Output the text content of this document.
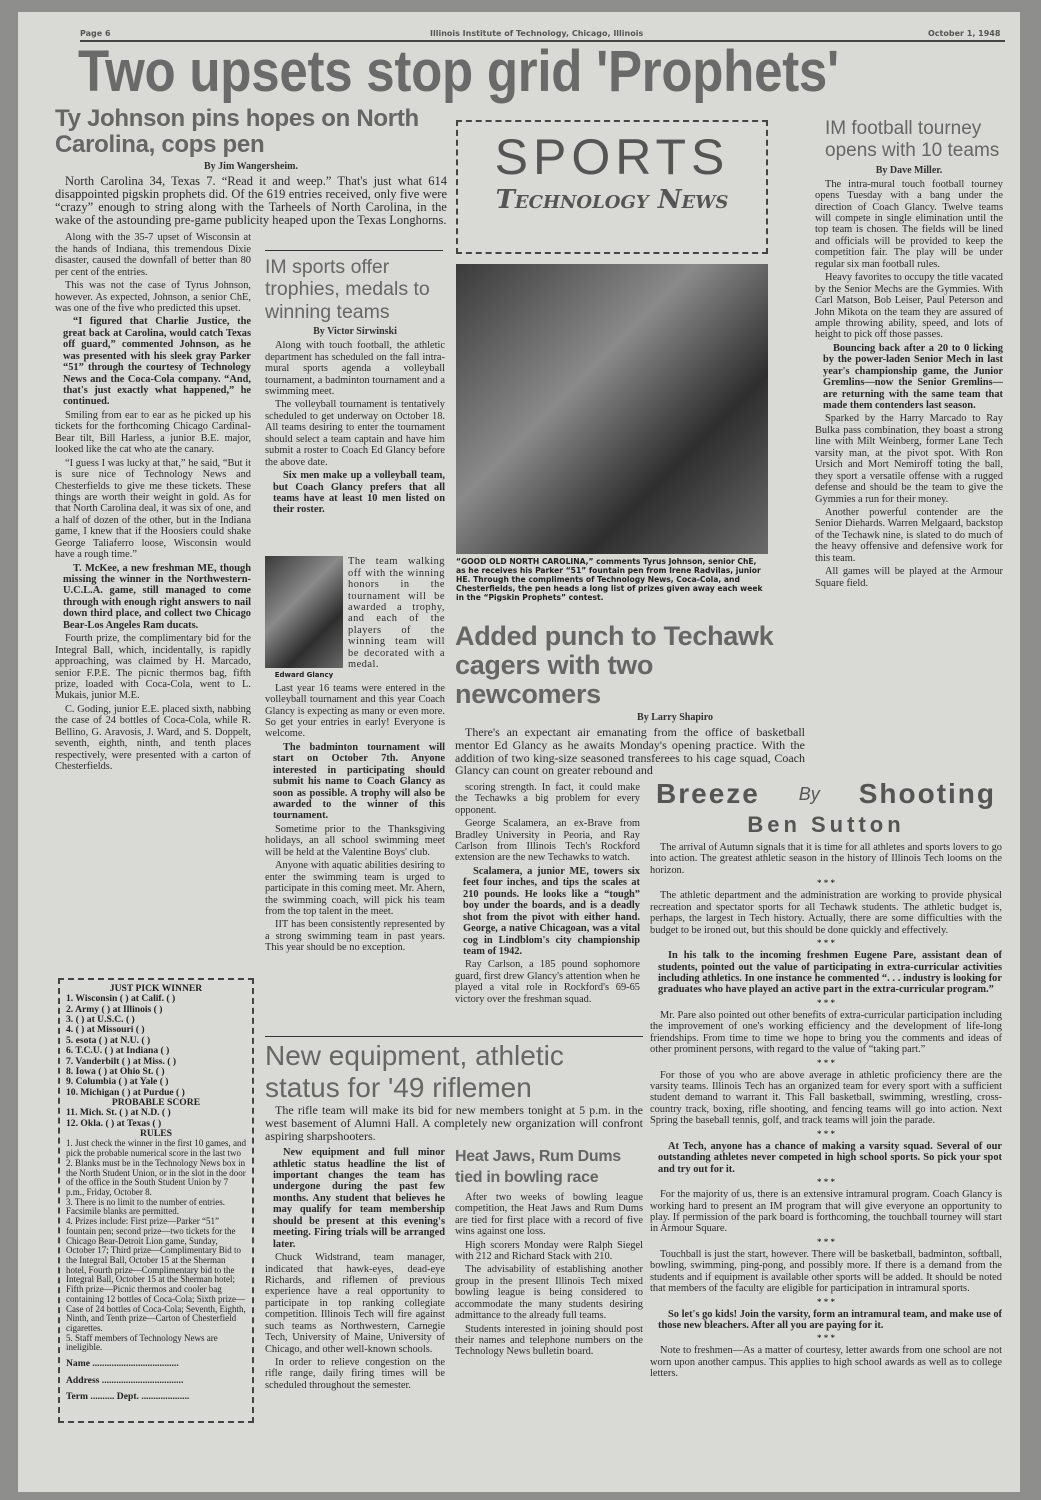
Page 6	Illinois Institute of Technology, Chicago, Illinois	October 1, 1948
Two upsets stop grid 'Prophets'
Ty Johnson pins hopes on North Carolina, cops pen
By Jim Wangersheim.

North Carolina 34, Texas 7. “Read it and weep.” That's just what 614 disappointed pigskin prophets did. Of the 619 entries received, only five were “crazy” enough to string along with the Tarheels of North Carolina, in the wake of the astounding pre-game publicity heaped upon the Texas Longhorns.

Along with the 35-7 upset of Wisconsin at the hands of Indiana, this tremendous Dixie disaster, caused the downfall of better than 80 per cent of the entries.

This was not the case of Tyrus Johnson, however. As expected, Johnson, a senior ChE, was one of the five who predicted this upset.

“I figured that Charlie Justice, the great back at Carolina, would catch Texas off guard,” commented Johnson, as he was presented with his sleek gray Parker “51” through the courtesy of Technology News and the Coca-Cola company. “And, that's just exactly what happened,” he continued.

Smiling from ear to ear as he picked up his tickets for the forthcoming Chicago Cardinal-Bear tilt, Bill Harless, a junior B.E. major, looked like the cat who ate the canary.

“I guess I was lucky at that,” he said, “But it is sure nice of Technology News and Chesterfields to give me these tickets. These things are worth their weight in gold. As for that North Carolina deal, it was six of one, and a half of dozen of the other, but in the Indiana game, I knew that if the Hoosiers could shake George Taliaferro loose, Wisconsin would have a rough time.”

T. McKee, a new freshman ME, though missing the winner in the Northwestern-U.C.L.A. game, still managed to come through with enough right answers to nail down third place, and collect two Chicago Bear-Los Angeles Ram ducats.

Fourth prize, the complimentary bid for the Integral Ball, which, incidentally, is rapidly approaching, was claimed by H. Marcado, senior F.P.E. The picnic thermos bag, fifth prize, loaded with Coca-Cola, went to L. Mukais, junior M.E.

C. Goding, junior E.E. placed sixth, nabbing the case of 24 bottles of Coca-Cola, while R. Bellino, G. Aravosis, J. Ward, and S. Doppelt, seventh, eighth, ninth, and tenth places respectively, were presented with a carton of Chesterfields.

JUST PICK WINNER
1. Wisconsin ( ) at Calif. ( )
2. Army ( ) at Illinois ( )
3. ( ) at U.S.C. ( )
4. ( ) at Missouri ( )
5. esota ( ) at N.U. ( )
6. T.C.U. ( ) at Indiana ( )
7. Vanderbilt ( ) at Miss. ( )
8. Iowa ( ) at Ohio St. ( )
9. Columbia ( ) at Yale ( )
10. Michigan ( ) at Purdue ( )
PROBABLE SCORE
11. Mich. St. ( ) at N.D. ( )
12. Okla. ( ) at Texas ( )
RULES
1. Just check the winner in the first 10 games, and pick the probable numerical score in the last two
2. Blanks must be in the Technology News box in the North Student Union, or in the slot in the door of the office in the South Student Union by 7 p.m., Friday, October 8.
3. There is no limit to the number of entries. Facsimile blanks are permitted.
4. Prizes include: First prize—Parker “51” fountain pen; second prize—two tickets for the Chicago Bear-Detroit Lion game, Sunday, October 17; Third prize—Complimentary Bid to the Integral Ball, October 15 at the Sherman hotel, Fourth prize—Complimentary bid to the Integral Ball, October 15 at the Sherman hotel; Fifth prize—Picnic thermos and cooler bag containing 12 bottles of Coca-Cola; Sixth prize—Case of 24 bottles of Coca-Cola; Seventh, Eighth, Ninth, and Tenth prize—Carton of Chesterfield cigarettes.
5. Staff members of Technology News are ineligible.
Name ....................................
Address ..................................
Term .......... Dept. ....................
IM sports offer trophies, medals to winning teams
By Victor Sirwinski

Along with touch football, the athletic department has scheduled on the fall intra-mural sports agenda a volleyball tournament, a badminton tournament and a swimming meet.

The volleyball tournament is tentatively scheduled to get underway on October 18. All teams desiring to enter the tournament should select a team captain and have him submit a roster to Coach Ed Glancy before the above date.

Six men make up a volleyball team, but Coach Glancy prefers that all teams have at least 10 men listed on their roster.

Edward Glancy

The team walking off with the winning honors in the tournament will be awarded a trophy, and each of the players of the winning team will be decorated with a medal.

Last year 16 teams were entered in the volleyball tournament and this year Coach Glancy is expecting as many or even more. So get your entries in early! Everyone is welcome.

The badminton tournament will start on October 7th. Anyone interested in participating should submit his name to Coach Glancy as soon as possible. A trophy will also be awarded to the winner of this tournament.

Sometime prior to the Thanksgiving holidays, an all school swimming meet will be held at the Valentine Boys' club.

Anyone with aquatic abilities desiring to enter the swimming team is urged to participate in this coming meet. Mr. Ahern, the swimming coach, will pick his team from the top talent in the meet.

IIT has been consistently represented by a strong swimming team in past years. This year should be no exception.

SPORTS
Technology News
“GOOD OLD NORTH CAROLINA,” comments Tyrus Johnson, senior ChE, as he receives his Parker “51” fountain pen from Irene Radvilas, junior HE. Through the compliments of Technology News, Coca-Cola, and Chesterfields, the pen heads a long list of prizes given away each week in the “Pigskin Prophets” contest.
Added punch to Techawk cagers with two newcomers
By Larry Shapiro

There's an expectant air emanating from the office of basketball mentor Ed Glancy as he awaits Monday's opening practice. With the addition of two king-size seasoned transferees to his cage squad, Coach Glancy can count on greater rebound and

scoring strength. In fact, it could make the Techawks a big problem for every opponent.

George Scalamera, an ex-Brave from Bradley University in Peoria, and Ray Carlson from Illinois Tech's Rockford extension are the new Techawks to watch.

Scalamera, a junior ME, towers six feet four inches, and tips the scales at 210 pounds. He looks like a “tough” boy under the boards, and is a deadly shot from the pivot with either hand. George, a native Chicagoan, was a vital cog in Lindblom's city championship team of 1942.

Ray Carlson, a 185 pound sophomore guard, first drew Glancy's attention when he played a vital role in Rockford's 69-65 victory over the freshman squad.

IM football tourney opens with 10 teams
By Dave Miller.

The intra-mural touch football tourney opens Tuesday with a bang under the direction of Coach Glancy. Twelve teams will compete in single elimination until the top team is chosen. The fields will be lined and officials will be provided to keep the competition fair. The play will be under regular six man football rules.

Heavy favorites to occupy the title vacated by the Senior Mechs are the Gymmies. With Carl Matson, Bob Leiser, Paul Peterson and John Mikota on the team they are assured of ample throwing ability, speed, and lots of height to pick off those passes.

Bouncing back after a 20 to 0 licking by the power-laden Senior Mech in last year's championship game, the Junior Gremlins—now the Senior Gremlins—are returning with the same team that made them contenders last season.

Sparked by the Harry Marcado to Ray Bulka pass combination, they boast a strong line with Milt Weinberg, former Lane Tech varsity man, at the pivot spot. With Ron Ursich and Mort Nemiroff toting the ball, they sport a versatile offense with a rugged defense and should be the team to give the Gymmies a run for their money.

Another powerful contender are the Senior Diehards. Warren Melgaard, backstop of the Techawk nine, is slated to do much of the heavy offensive and defensive work for this team.

All games will be played at the Armour Square field.

Breeze By Shooting
Ben Sutton

The arrival of Autumn signals that it is time for all athletes and sports lovers to go into action. The greatest athletic season in the history of Illinois Tech looms on the horizon.

* * *

The athletic department and the administration are working to provide physical recreation and spectator sports for all Techawk students. The athletic budget is, perhaps, the largest in Tech history. Actually, there are some difficulties with the budget to be ironed out, but this should be done quickly and effectively.

* * *

In his talk to the incoming freshmen Eugene Pare, assistant dean of students, pointed out the value of participating in extra-curricular activities including athletics. In one instance he commented “. . . industry is looking for graduates who have played an active part in the extra-curricular program.”

* * *

Mr. Pare also pointed out other benefits of extra-curricular participation including the improvement of one's working efficiency and the development of life-long friendships. From time to time we hope to bring you the comments and ideas of other prominent persons, with regard to the value of “taking part.”

* * *

For those of you who are above average in athletic proficiency there are the varsity teams. Illinois Tech has an organized team for every sport with a sufficient student demand to warrant it. This Fall basketball, swimming, wrestling, cross-country track, boxing, rifle shooting, and fencing teams will go into action. Next Spring the baseball tennis, golf, and track teams will join the parade.

* * *

At Tech, anyone has a chance of making a varsity squad. Several of our outstanding athletes never competed in high school sports. So pick your spot and try out for it.

* * *

For the majority of us, there is an extensive intramural program. Coach Glancy is working hard to present an IM program that will give everyone an opportunity to play. If permission of the park board is forthcoming, the touchball tourney will start in Armour Square.

* * *

Touchball is just the start, however. There will be basketball, badminton, softball, bowling, swimming, ping-pong, and possibly more. If there is a demand from the students and if equipment is available other sports will be added. It should be noted that members of the faculty are eligible for participation in intramural sports.

* * *

So let's go kids! Join the varsity, form an intramural team, and make use of those new bleachers. After all you are paying for it.

* * *

Note to freshmen—As a matter of courtesy, letter awards from one school are not worn upon another campus. This applies to high school awards as well as to college letters.

New equipment, athletic status for '49 riflemen

The rifle team will make its bid for new members tonight at 5 p.m. in the west basement of Alumni Hall. A completely new organization will confront aspiring sharpshooters.

New equipment and full minor athletic status headline the list of important changes the team has undergone during the past few months. Any student that believes he may qualify for team membership should be present at this evening's meeting. Firing trials will be arranged later.

Chuck Widstrand, team manager, indicated that hawk-eyes, dead-eye Richards, and riflemen of previous experience have a real opportunity to participate in top ranking collegiate competition. Illinois Tech will fire against such teams as Northwestern, Carnegie Tech, University of Maine, University of Chicago, and other well-known schools.

In order to relieve congestion on the rifle range, daily firing times will be scheduled throughout the semester.

Heat Jaws, Rum Dums tied in bowling race

After two weeks of bowling league competition, the Heat Jaws and Rum Dums are tied for first place with a record of five wins against one loss.

High scorers Monday were Ralph Siegel with 212 and Richard Stack with 210.

The advisability of establishing another group in the present Illinois Tech mixed bowling league is being considered to accommodate the many students desiring admittance to the already full teams.

Students interested in joining should post their names and telephone numbers on the Technology News bulletin board.
